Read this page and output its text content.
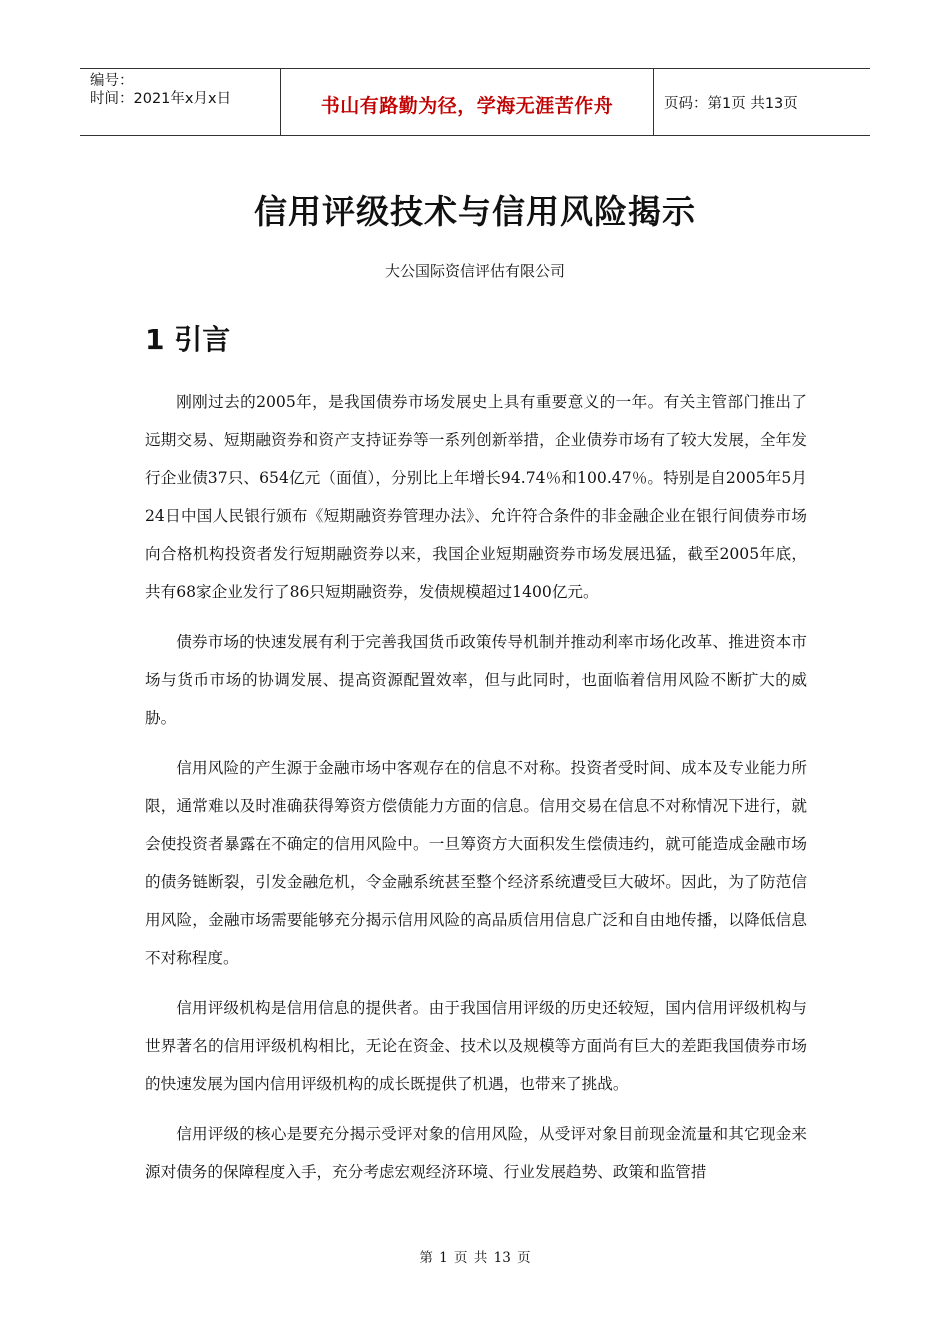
编号：
时间：2021年x月x日	书山有路勤为径，学海无涯苦作舟	页码：第1页 共13页
信用评级技术与信用风险揭示
大公国际资信评估有限公司
1 引言

刚刚过去的2005年，是我国债券市场发展史上具有重要意义的一年。有关主管部门推出了远期交易、短期融资券和资产支持证券等一系列创新举措，企业债券市场有了较大发展，全年发行企业债37只、654亿元（面值），分别比上年增长94.74％和100.47％。特别是自2005年5月24日中国人民银行颁布《短期融资券管理办法》、允许符合条件的非金融企业在银行间债券市场向合格机构投资者发行短期融资券以来，我国企业短期融资券市场发展迅猛，截至2005年底，共有68家企业发行了86只短期融资券，发债规模超过1400亿元。

债券市场的快速发展有利于完善我国货币政策传导机制并推动利率市场化改革、推进资本市场与货币市场的协调发展、提高资源配置效率，但与此同时，也面临着信用风险不断扩大的威胁。

信用风险的产生源于金融市场中客观存在的信息不对称。投资者受时间、成本及专业能力所限，通常难以及时准确获得筹资方偿债能力方面的信息。信用交易在信息不对称情况下进行，就会使投资者暴露在不确定的信用风险中。一旦筹资方大面积发生偿债违约，就可能造成金融市场的债务链断裂，引发金融危机，令金融系统甚至整个经济系统遭受巨大破坏。因此，为了防范信用风险，金融市场需要能够充分揭示信用风险的高品质信用信息广泛和自由地传播，以降低信息不对称程度。

信用评级机构是信用信息的提供者。由于我国信用评级的历史还较短，国内信用评级机构与世界著名的信用评级机构相比，无论在资金、技术以及规模等方面尚有巨大的差距我国债券市场的快速发展为国内信用评级机构的成长既提供了机遇，也带来了挑战。

信用评级的核心是要充分揭示受评对象的信用风险，从受评对象目前现金流量和其它现金来源对债务的保障程度入手，充分考虑宏观经济环境、行业发展趋势、政策和监管措

第 1 页 共 13 页
